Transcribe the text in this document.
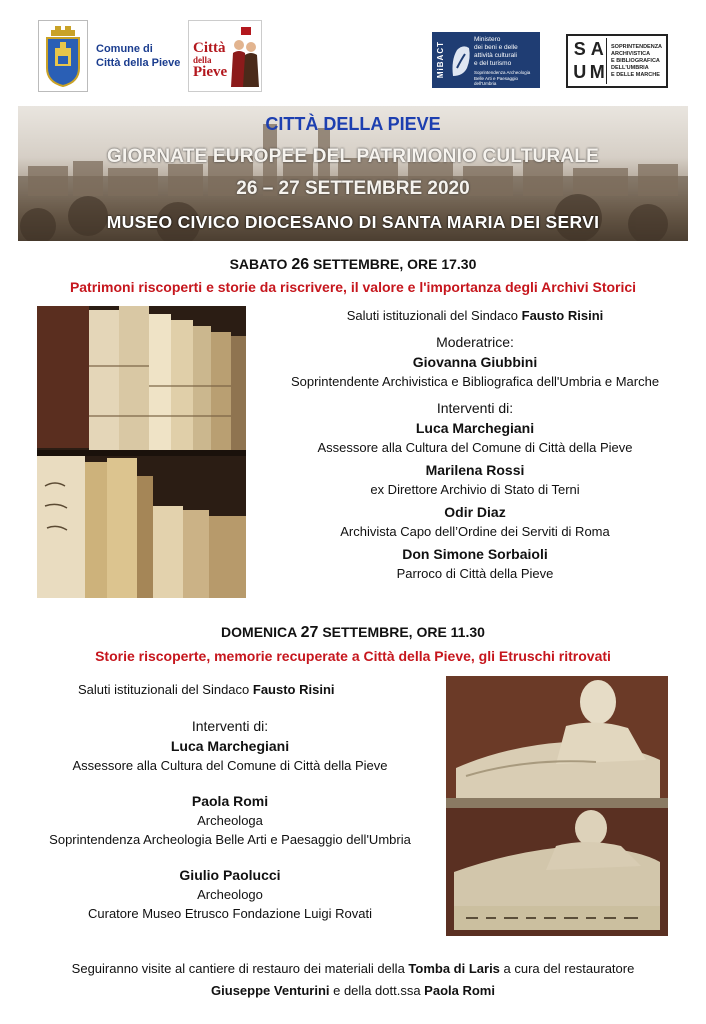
Comune di
Città della Pieve
Città
della
Pieve	MiBACT
Ministero
dei beni e delle
attività culturali
e del turismo
Soprintendenza Archeologia Belle Arti e Paesaggio dell'Umbria
S A
U M
SOPRINTENDENZA
ARCHIVISTICA
E BIBLIOGRAFICA
DELL'UMBRIA
E DELLE MARCHE
CITTÀ DELLA PIEVE
GIORNATE EUROPEE DEL PATRIMONIO CULTURALE
26 – 27 SETTEMBRE 2020
MUSEO CIVICO DIOCESANO DI SANTA MARIA DEI SERVI
SABATO 26 SETTEMBRE, ORE 17.30
Patrimoni riscoperti e storie da riscrivere, il valore e l'importanza degli Archivi Storici
Saluti istituzionali del Sindaco Fausto Risini
Moderatrice:
Giovanna Giubbini
Soprintendente Archivistica e Bibliografica dell'Umbria e Marche
Interventi di:
Luca Marchegiani
Assessore alla Cultura del Comune di Città della Pieve
Marilena Rossi
ex Direttore Archivio di Stato di Terni
Odir Diaz
Archivista Capo dell’Ordine dei Serviti di Roma
Don Simone Sorbaioli
Parroco di Città della Pieve
DOMENICA 27 SETTEMBRE, ORE 11.30
Storie riscoperte, memorie recuperate a Città della Pieve, gli Etruschi ritrovati
Saluti istituzionali del Sindaco Fausto Risini
Interventi di:
Luca Marchegiani
Assessore alla Cultura del Comune di Città della Pieve
Paola Romi
Archeologa
Soprintendenza Archeologia Belle Arti e Paesaggio dell'Umbria
Giulio Paolucci
Archeologo
Curatore Museo Etrusco Fondazione Luigi Rovati
Seguiranno visite al cantiere di restauro dei materiali della Tomba di Laris a cura del restauratore
Giuseppe Venturini e della dott.ssa Paola Romi
